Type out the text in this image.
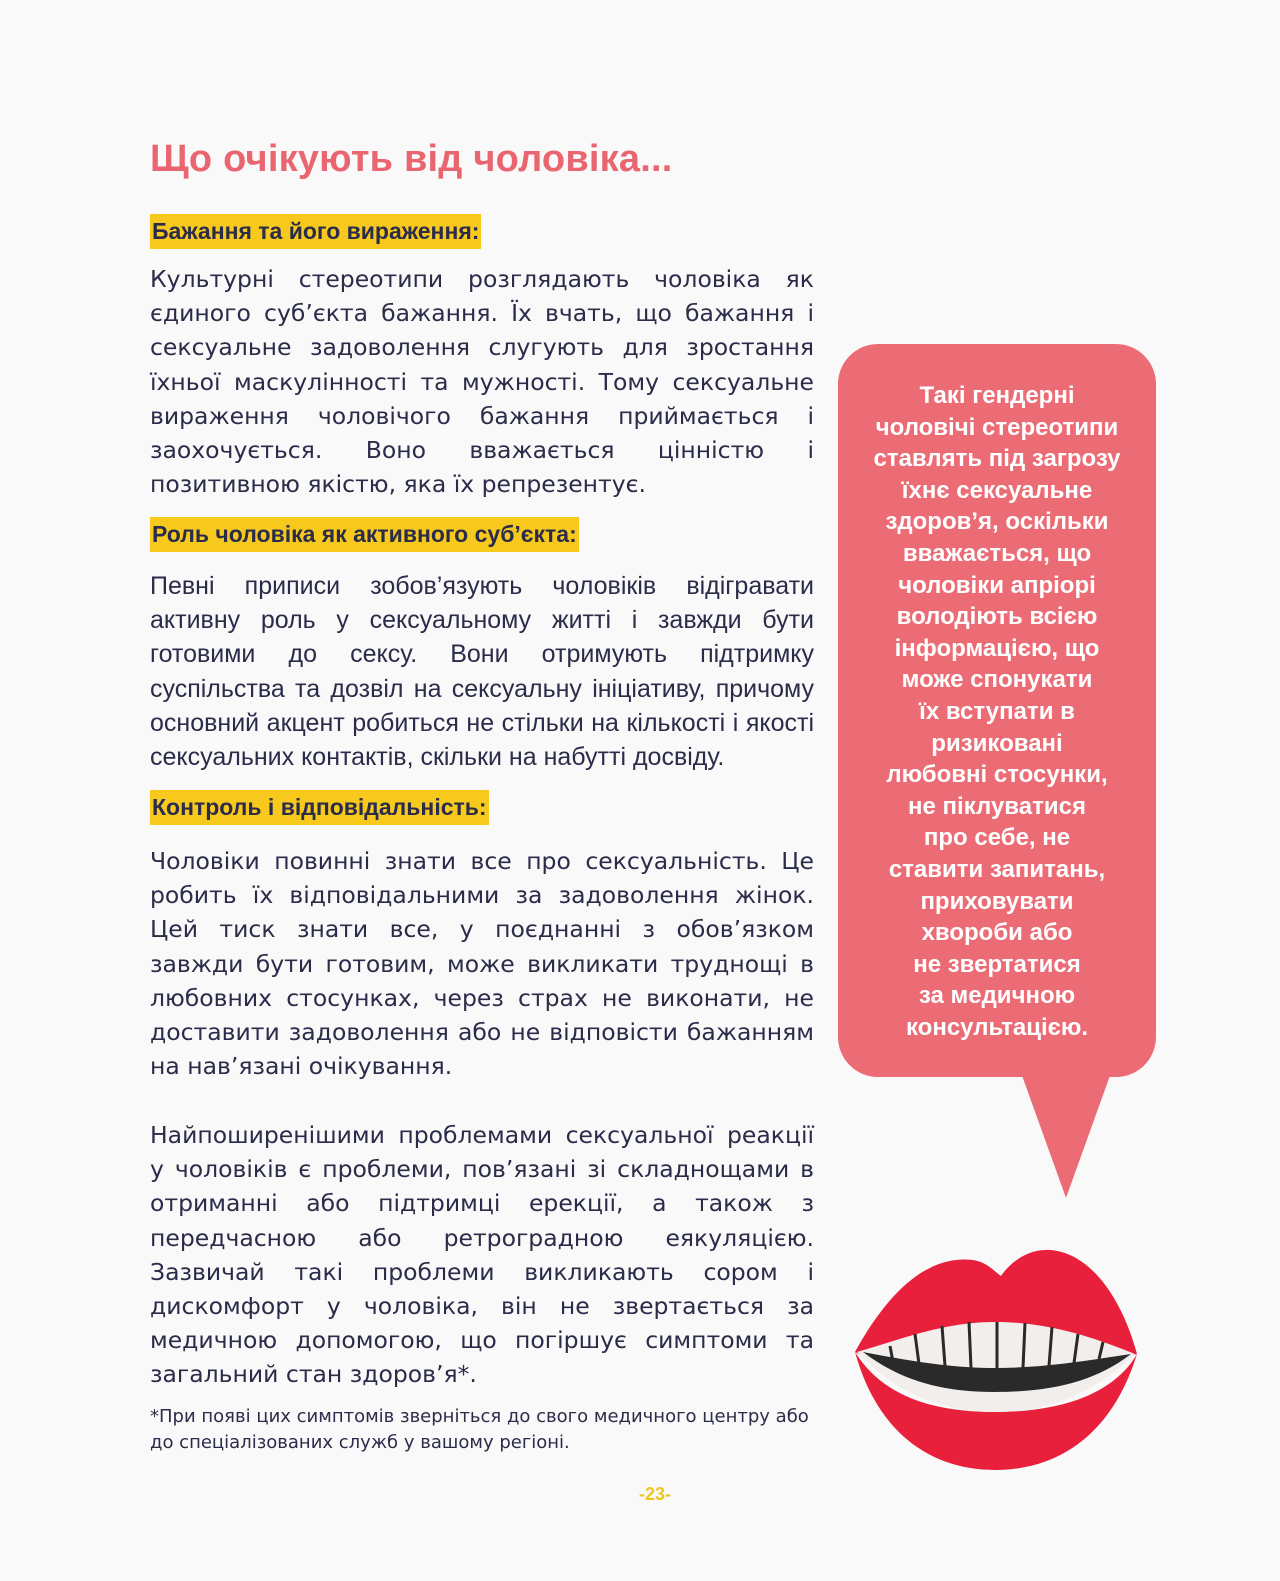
Що очікують від чоловіка...
Бажання та його вираження:

Культурні стереотипи розглядають чоловіка як єдиного суб’єкта бажання. Їх вчать, що бажання і сексуальне задоволення слугують для зростання їхньої маскулінності та мужності. Тому сексуальне вираження чоловічого бажання приймається і заохочується. Воно вважається цінністю і позитивною якістю, яка їх репрезентує.

Роль чоловіка як активного суб’єкта:

Певні приписи зобов’язують чоловіків відігравати активну роль у сексуальному житті і завжди бути готовими до сексу. Вони отримують підтримку суспільства та дозвіл на сексуальну ініціативу, причому основний акцент робиться не стільки на кількості і якості сексуальних контактів, скільки на набутті досвіду.

Контроль і відповідальність:

Чоловіки повинні знати все про сексуальність. Це робить їх відповідальними за задоволення жінок. Цей тиск знати все, у поєднанні з обов’язком завжди бути готовим, може викликати труднощі в любовних стосунках, через страх не виконати, не доставити задоволення або не відповісти бажанням на нав’язані очікування.

Найпоширенішими проблемами сексуальної реакції у чоловіків є проблеми, пов’язані зі складнощами в отриманні або підтримці ерекції, а також з передчасною або ретроградною еякуляцією. Зазвичай такі проблеми викликають сором і дискомфорт у чоловіка, він не звертається за медичною допомогою, що погіршує симптоми та загальний стан здоров’я*.

*При появі цих симптомів зверніться до свого медичного центру або до спеціалізованих служб у вашому регіоні.

-23-
Такі гендерні
чоловічі стереотипи
ставлять під загрозу
їхнє сексуальне
здоров’я, оскільки
вважається, що
чоловіки апріорі
володіють всією
інформацією, що
може спонукати
їх вступати в
ризиковані
любовні стосунки,
не піклуватися
про себе, не
ставити запитань,
приховувати
хвороби або
не звертатися
за медичною
консультацією.
